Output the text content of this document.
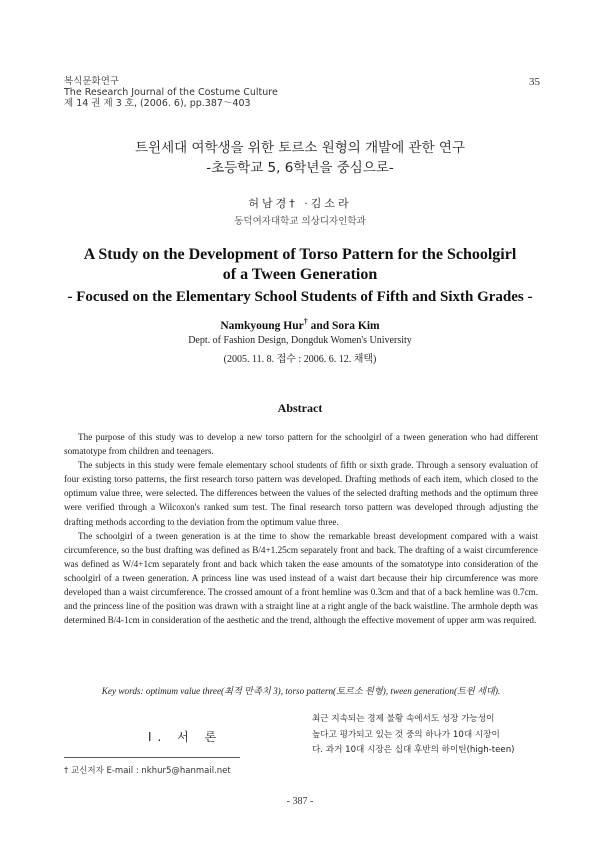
복식문화연구
The Research Journal of the Costume Culture
제 14 권 제 3 호, (2006. 6), pp.387～403
35
트윈세대 여학생을 위한 토르소 원형의 개발에 관한 연구
-초등학교 5, 6학년을 중심으로-
허남경† ·김소라
동덕여자대학교 의상디자인학과
A Study on the Development of Torso Pattern for the Schoolgirl
of a Tween Generation
- Focused on the Elementary School Students of Fifth and Sixth Grades -
Namkyoung Hur† and Sora Kim
Dept. of Fashion Design, Dongduk Women's University
(2005. 11. 8. 접수 : 2006. 6. 12. 채택)
Abstract

The purpose of this study was to develop a new torso pattern for the schoolgirl of a tween generation who had different somatotype from children and teenagers.

The subjects in this study were female elementary school students of fifth or sixth grade. Through a sensory evaluation of four existing torso patterns, the first research torso pattern was developed. Drafting methods of each item, which closed to the optimum value three, were selected. The differences between the values of the selected drafting methods and the optimum three were verified through a Wilcoxon's ranked sum test. The final research torso pattern was developed through adjusting the drafting methods according to the deviation from the optimum value three.

The schoolgirl of a tween generation is at the time to show the remarkable breast development compared with a waist circumference, so the bust drafting was defined as B/4+1.25cm separately front and back. The drafting of a waist circumference was defined as W/4+1cm separately front and back which taken the ease amounts of the somatotype into consideration of the schoolgirl of a tween generation. A princess line was used instead of a waist dart because their hip circumference was more developed than a waist circumference. The crossed amount of a front hemline was 0.3cm and that of a back hemline was 0.7cm. and the princess line of the position was drawn with a straight line at a right angle of the back waistline. The armhole depth was determined B/4-1cm in consideration of the aesthetic and the trend, although the effective movement of upper arm was required.

Key words: optimum value three(최적 만족치 3), torso pattern(토르소 원형), tween generation(트윈 세대).
Ⅰ. 서 론
최근 지속되는 경제 불황 속에서도 성장 가능성이
높다고 평가되고 있는 것 중의 하나가 10대 시장이
다. 과거 10대 시장은 십대 후반의 하이틴(high-teen)
† 교신저자 E-mail : nkhur5@hanmail.net
- 387 -
